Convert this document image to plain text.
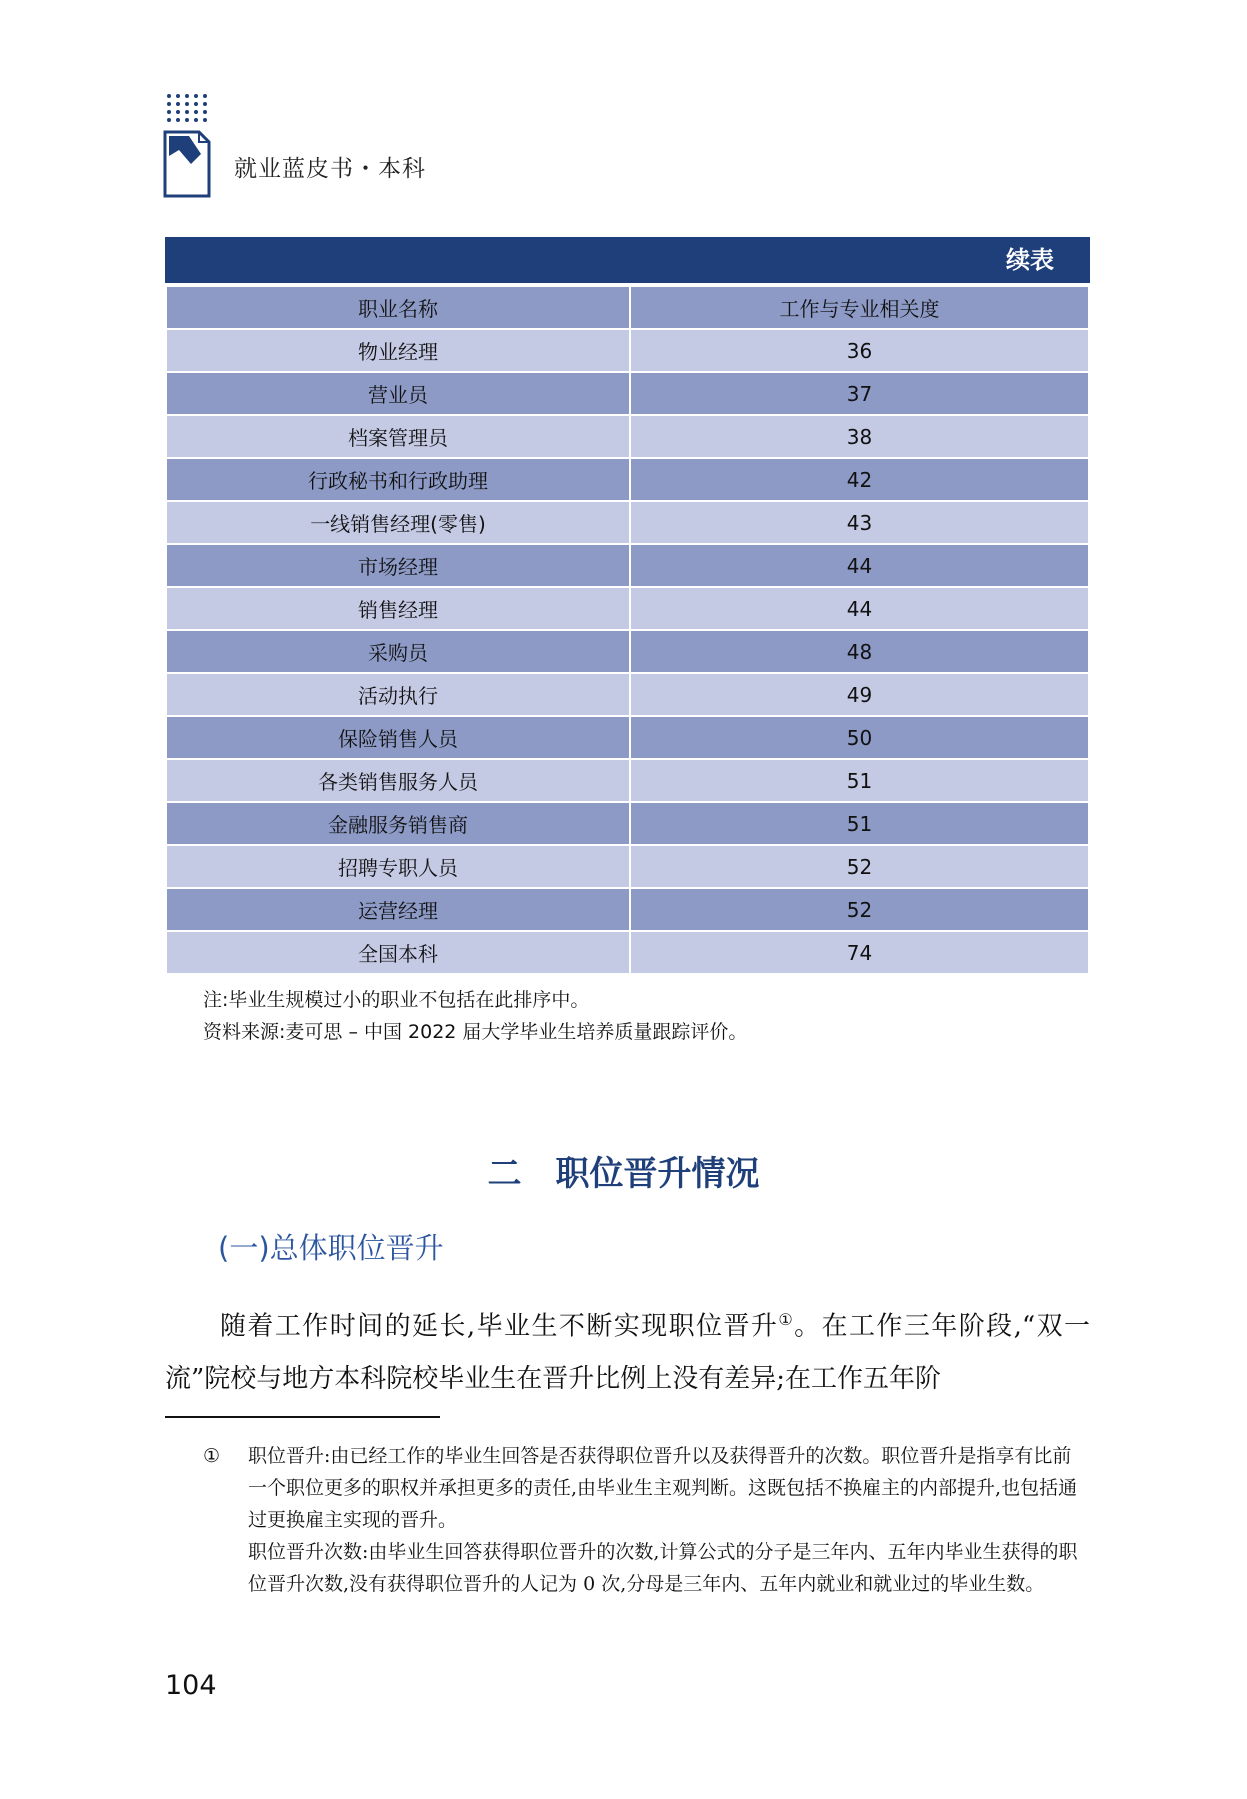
就业蓝皮书・本科
续表
职业名称	工作与专业相关度
物业经理	36
营业员	37
档案管理员	38
行政秘书和行政助理	42
一线销售经理(零售)	43
市场经理	44
销售经理	44
采购员	48
活动执行	49
保险销售人员	50
各类销售服务人员	51
金融服务销售商	51
招聘专职人员	52
运营经理	52
全国本科	74
注:毕业生规模过小的职业不包括在此排序中。
资料来源:麦可思 – 中国 2022 届大学毕业生培养质量跟踪评价。
二 职位晋升情况
(一)总体职位晋升

随着工作时间的延长,毕业生不断实现职位晋升①。在工作三年阶段,“双一流”院校与地方本科院校毕业生在晋升比例上没有差异;在工作五年阶

①	职位晋升:由已经工作的毕业生回答是否获得职位晋升以及获得晋升的次数。职位晋升是指享有比前一个职位更多的职权并承担更多的责任,由毕业生主观判断。这既包括不换雇主的内部提升,也包括通过更换雇主实现的晋升。

职位晋升次数:由毕业生回答获得职位晋升的次数,计算公式的分子是三年内、五年内毕业生获得的职位晋升次数,没有获得职位晋升的人记为 0 次,分母是三年内、五年内就业和就业过的毕业生数。

104
